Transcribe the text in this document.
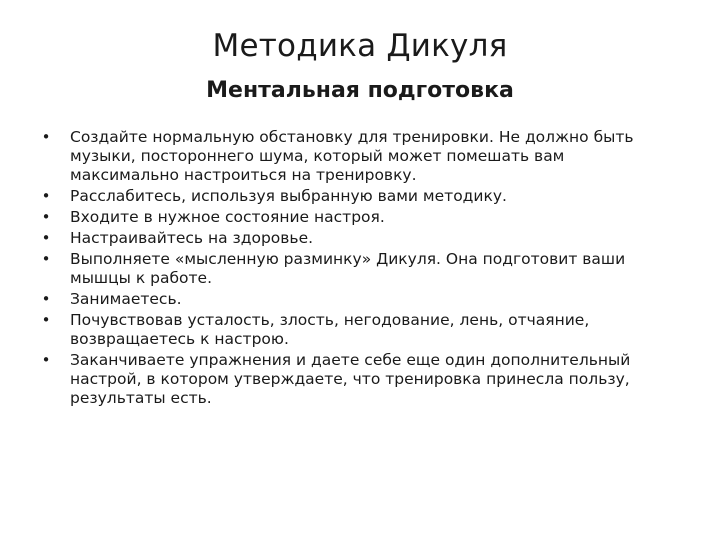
Методика Дикуля
Ментальная подготовка
• Создайте нормальную обстановку для тренировки. Не должно быть музыки, постороннего шума, который может помешать вам максимально настроиться на тренировку.
• Расслабитесь, используя выбранную вами методику.
• Входите в нужное состояние настроя.
• Настраивайтесь на здоровье.
• Выполняете «мысленную разминку» Дикуля. Она подготовит ваши мышцы к работе.
• Занимаетесь.
• Почувствовав усталость, злость, негодование, лень, отчаяние, возвращаетесь к настрою.
• Заканчиваете упражнения и даете себе еще один дополнительный настрой, в котором утверждаете, что тренировка принесла пользу, результаты есть.
